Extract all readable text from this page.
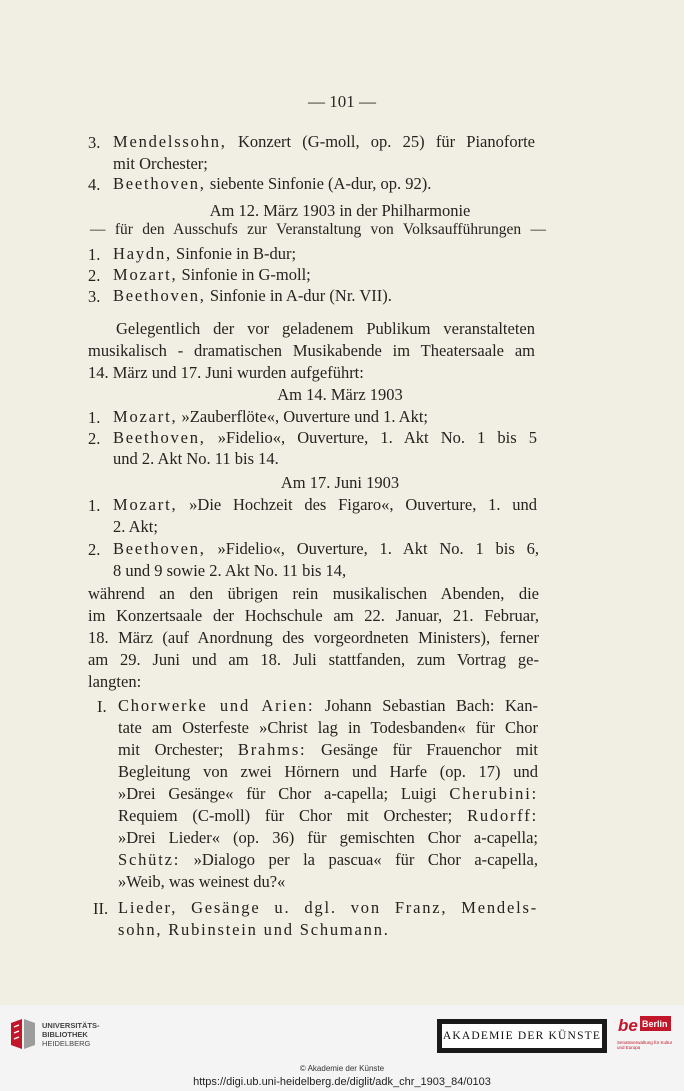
— 101 —
3. Mendelssohn, Konzert (G-moll, op. 25) für Pianoforte
mit Orchester;
4. Beethoven, siebente Sinfonie (A-dur, op. 92).
Am 12. März 1903 in der Philharmonie
— für den Ausschufs zur Veranstaltung von Volksaufführungen —
1. Haydn, Sinfonie in B-dur;
2. Mozart, Sinfonie in G-moll;
3. Beethoven, Sinfonie in A-dur (Nr. VII).
Gelegentlich der vor geladenem Publikum veranstalteten
musikalisch - dramatischen Musikabende im Theatersaale am
14. März und 17. Juni wurden aufgeführt:
Am 14. März 1903
1. Mozart, »Zauberflöte«, Ouverture und 1. Akt;
2. Beethoven, »Fidelio«, Ouverture, 1. Akt No. 1 bis 5
und 2. Akt No. 11 bis 14.
Am 17. Juni 1903
1. Mozart, »Die Hochzeit des Figaro«, Ouverture, 1. und
2. Akt;
2. Beethoven, »Fidelio«, Ouverture, 1. Akt No. 1 bis 6,
8 und 9 sowie 2. Akt No. 11 bis 14,
während an den übrigen rein musikalischen Abenden, die
im Konzertsaale der Hochschule am 22. Januar, 21. Februar,
18. März (auf Anordnung des vorgeordneten Ministers), ferner
am 29. Juni und am 18. Juli stattfanden, zum Vortrag ge-
langten:
I. Chorwerke und Arien: Johann Sebastian Bach: Kan-
tate am Osterfeste »Christ lag in Todesbanden« für Chor
mit Orchester; Brahms: Gesänge für Frauenchor mit
Begleitung von zwei Hörnern und Harfe (op. 17) und
»Drei Gesänge« für Chor a-capella; Luigi Cherubini:
Requiem (C-moll) für Chor mit Orchester; Rudorff:
»Drei Lieder« (op. 36) für gemischten Chor a-capella;
Schütz: »Dialogo per la pascua« für Chor a-capella,
»Weib, was weinest du?«
II. Lieder, Gesänge u. dgl. von Franz, Mendels-
sohn, Rubinstein und Schumann.
UNIVERSITÄTS-
BIBLIOTHEK
HEIDELBERG
AKADEMIE DER KÜNSTE
be Berlin
Senatsverwaltung für Kultur und Europa
© Akademie der Künste
https://digi.ub.uni-heidelberg.de/diglit/adk_chr_1903_84/0103
